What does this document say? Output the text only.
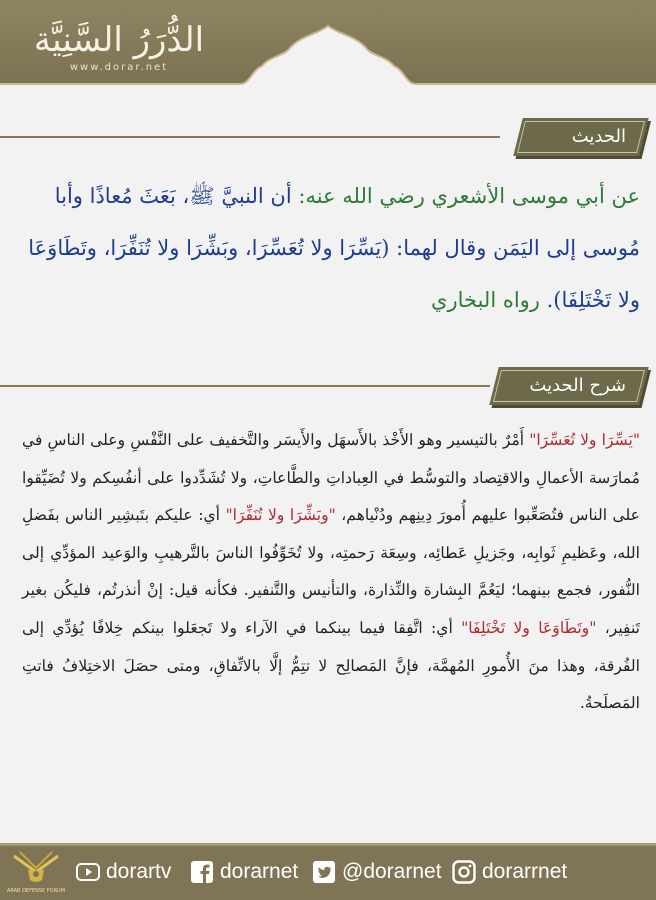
الدُّرَرُ السَّنِيَّة
www.dorar.net
الحديث
عن أبي موسى الأشعري رضي الله عنه: أن النبيَّ ﷺ، بَعَثَ مُعاذًا وأبا مُوسى إلى اليَمَن وقال لهما: (يَسِّرَا ولا تُعَسِّرَا، وبَشِّرَا ولا تُنَفِّرَا، وتَطَاوَعَا ولا تَخْتَلِفَا). رواه البخاري
شرح الحديث
"يَسِّرَا ولا تُعَسِّرَا" أَمْرٌ بالتيسير وهو الأَخْذ بالأَسهَل والأَيسَر والتَّخفيف على النَّفْسِ وعلى الناسِ في مُمارَسة الأعمالِ والاقتِصاد والتوسُّط في العِباداتِ والطَّاعاتِ، ولا تُشَدِّدوا على أنفُسِكم ولا تُضَيِّقوا على الناس فتُصَعِّبوا عليهم أُمورَ دِينِهم ودُنْياهم، "وبَشِّرَا ولا تُنَفِّرَا" أي: عليكم بتَبشِير الناس بفَضلِ الله، وعَظيمِ ثَوابِه، وجَزيلِ عَطائِه، وسِعَة رَحمتِه، ولا تُخَوِّفُوا الناسَ بالتَّرهيبِ والوَعيد المؤدِّي إلى النُّفور، فجمع بينهما؛ ليَعُمَّ البِشارة والنِّذارة، والتأنيس والتَّنفير. فكأنه قيل: إنْ أنذرتُم، فليكُن بغير تَنفِير، "وتَطَاوَعَا ولا تَخْتَلِفَا" أي: اتَّفِقا فيما بينكما في الآراء ولا تَجعَلوا بينكم خِلافًا يُؤدِّي إلى الفُرقة، وهذا منَ الأُمورِ المُهمَّة، فإنَّ المَصالِح لا تتِمُّ إلَّا بالاتِّفاقِ، ومتى حصَلَ الاختِلافُ فاتتِ المَصلَحةُ.
ARAB DEFENSE FORUM
dorartv dorarnet @dorarnet dorarrnet
